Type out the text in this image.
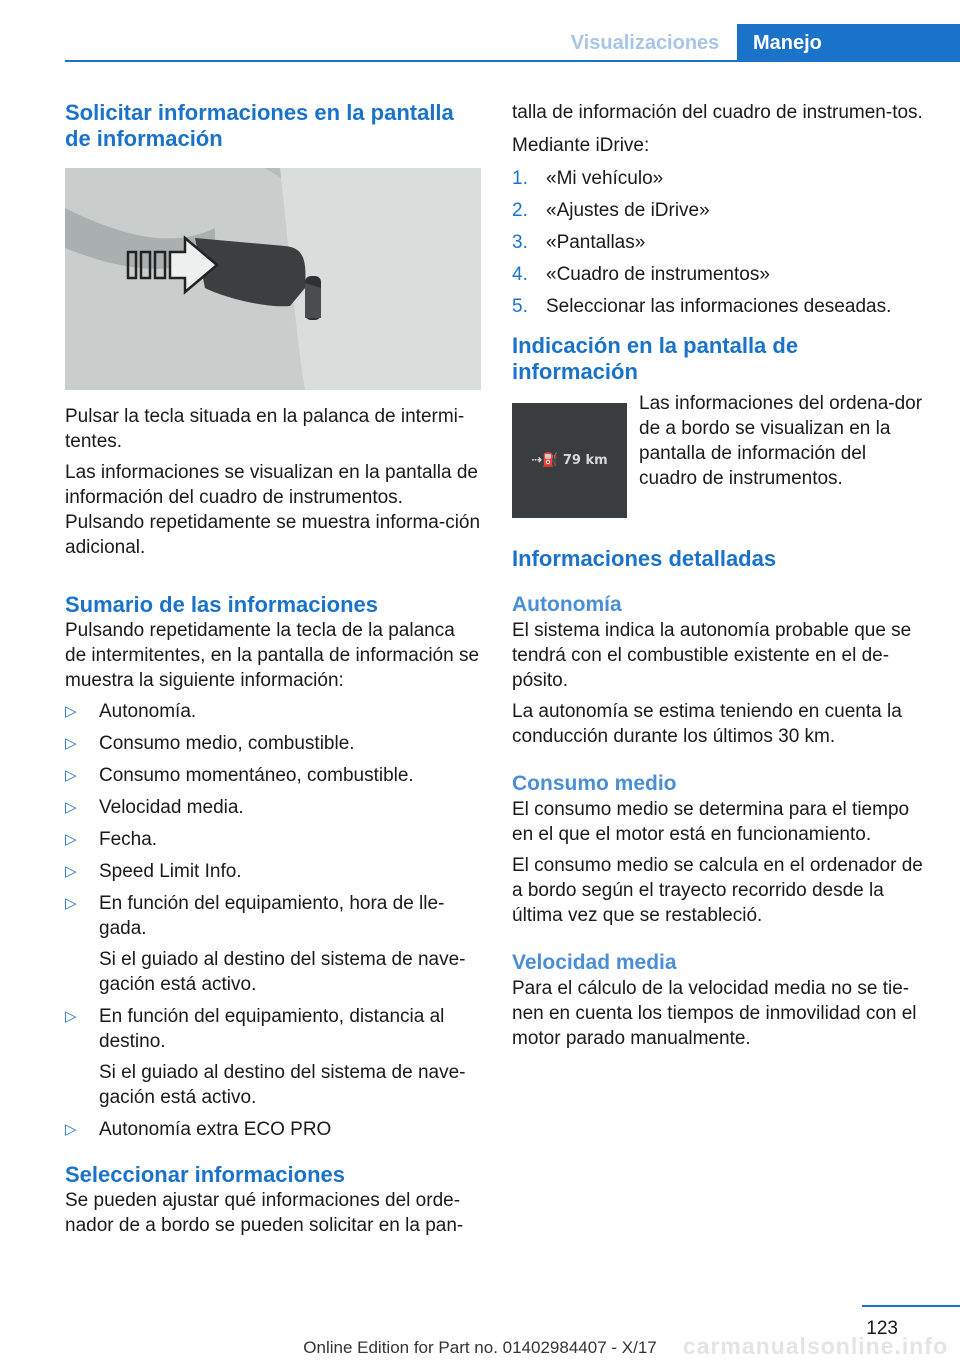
Visualizaciones	Manejo
Solicitar informaciones en la pantalla de información

Pulsar la tecla situada en la palanca de intermi‐tentes.

Las informaciones se visualizan en la pantalla de información del cuadro de instrumentos. Pulsando repetidamente se muestra informa‐ción adicional.

Sumario de las informaciones

Pulsando repetidamente la tecla de la palanca de intermitentes, en la pantalla de información se muestra la siguiente información:

▷ Autonomía.
▷ Consumo medio, combustible.
▷ Consumo momentáneo, combustible.
▷ Velocidad media.
▷ Fecha.
▷ Speed Limit Info.
▷ En función del equipamiento, hora de lle‐gada.

Si el guiado al destino del sistema de nave‐gación está activo.

▷ En función del equipamiento, distancia al destino.

Si el guiado al destino del sistema de nave‐gación está activo.

▷ Autonomía extra ECO PRO
Seleccionar informaciones

Se pueden ajustar qué informaciones del orde‐nador de a bordo se pueden solicitar en la pan‐

talla de información del cuadro de instrumen‐tos.

Mediante iDrive:

1. «Mi vehículo»
2. «Ajustes de iDrive»
3. «Pantallas»
4. «Cuadro de instrumentos»
5. Seleccionar las informaciones deseadas.
Indicación en la pantalla de información
⇢⛽ 79 km

Las informaciones del ordena‐dor de a bordo se visualizan en la pantalla de información del cuadro de instrumentos.

Informaciones detalladas
Autonomía

El sistema indica la autonomía probable que se tendrá con el combustible existente en el de‐pósito.

La autonomía se estima teniendo en cuenta la conducción durante los últimos 30 km.

Consumo medio

El consumo medio se determina para el tiempo en el que el motor está en funcionamiento.

El consumo medio se calcula en el ordenador de a bordo según el trayecto recorrido desde la última vez que se restableció.

Velocidad media

Para el cálculo de la velocidad media no se tie‐nen en cuenta los tiempos de inmovilidad con el motor parado manualmente.

123
carmanualsonline.info
Online Edition for Part no. 01402984407 - X/17
